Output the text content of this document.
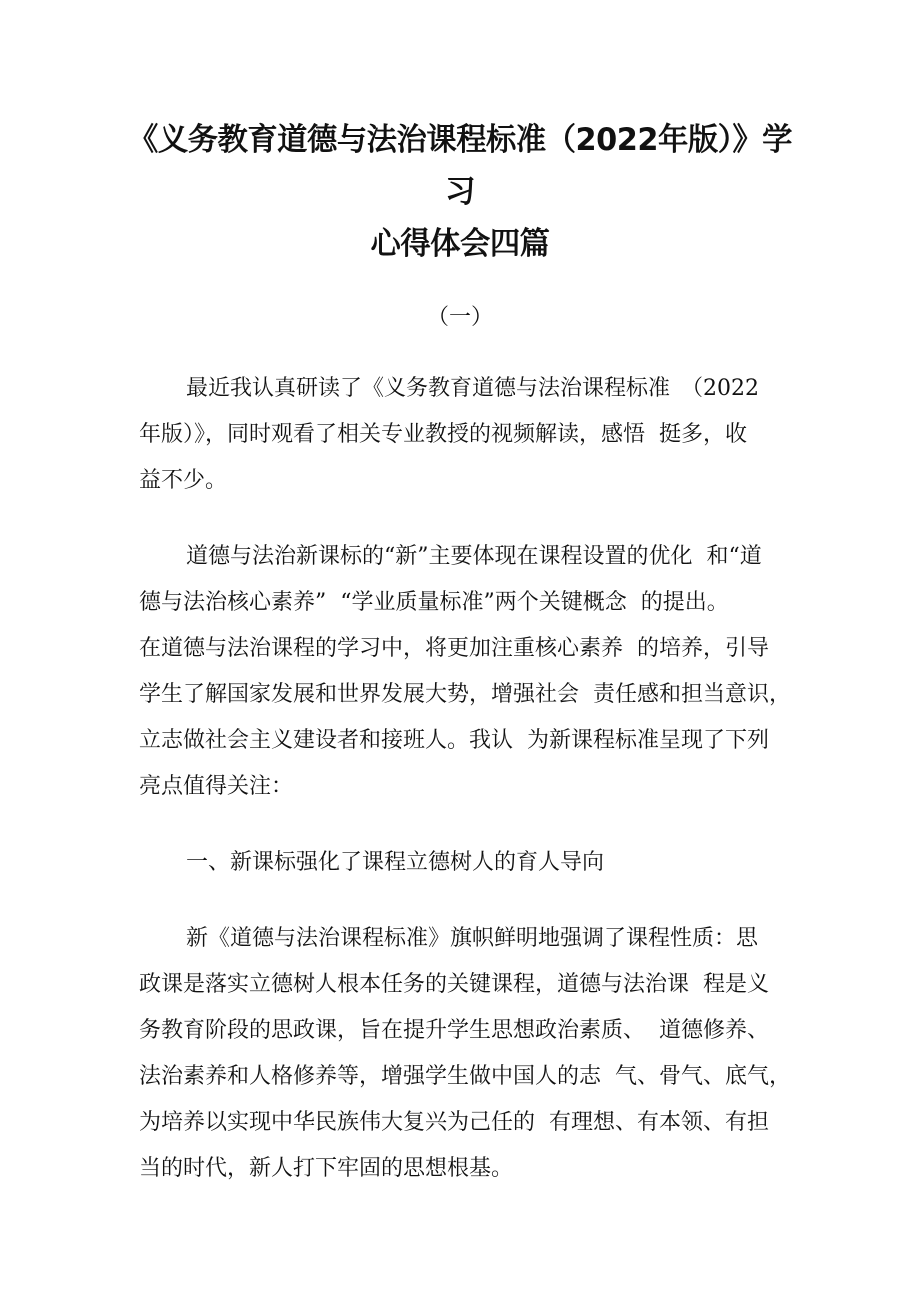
《义务教育道德与法治课程标准（2022年版）》学
习
心得体会四篇
（一）
最近我认真研读了《义务教育道德与法治课程标准　（2022
年版）》，同时观看了相关专业教授的视频解读，感悟  挺多，收
益不少。
道德与法治新课标的“新”主要体现在课程设置的优化  和“道
德与法治核心素养”  “学业质量标准”两个关键概念  的提出。
在道德与法治课程的学习中，将更加注重核心素养  的培养，引导
学生了解国家发展和世界发展大势，增强社会  责任感和担当意识，
立志做社会主义建设者和接班人。我认  为新课程标准呈现了下列
亮点值得关注：
一、新课标强化了课程立德树人的育人导向
新《道德与法治课程标准》旗帜鲜明地强调了课程性质：思
政课是落实立德树人根本任务的关键课程，道德与法治课  程是义
务教育阶段的思政课，旨在提升学生思想政治素质、  道德修养、
法治素养和人格修养等，增强学生做中国人的志  气、骨气、底气，
为培养以实现中华民族伟大复兴为己任的  有理想、有本领、有担
当的时代，新人打下牢固的思想根基。
